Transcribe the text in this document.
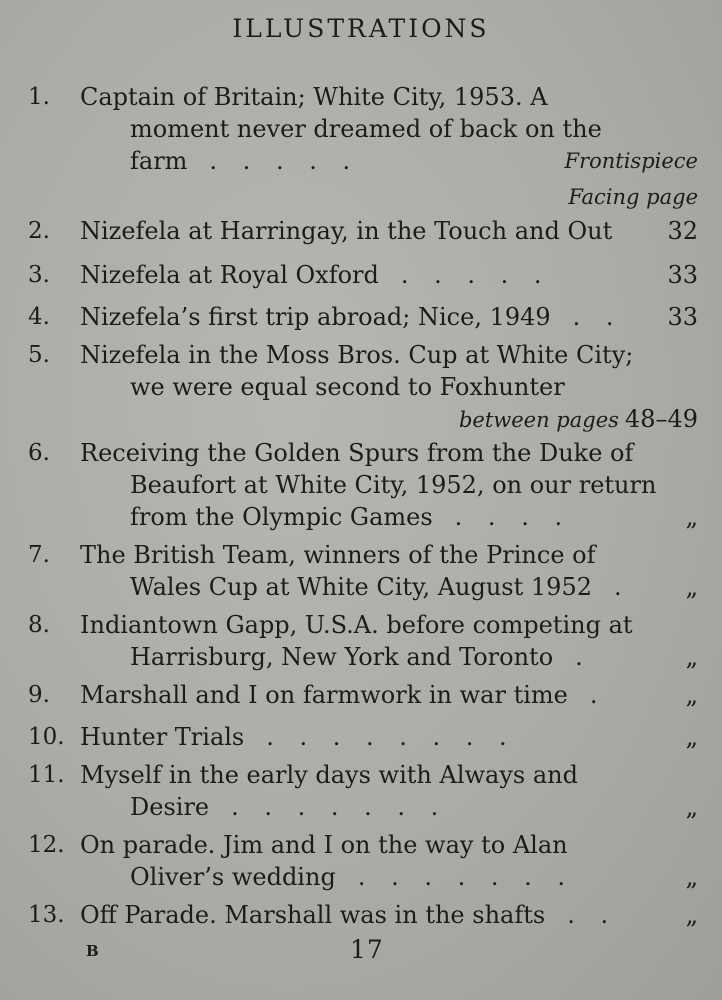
ILLUSTRATIONS
Facing page
1.	Captain of Britain; White City, 1953. A
moment never dreamed of back on the
farm . . . . .	Frontispiece
2.	Nizefela at Harringay, in the Touch and Out 32
3.	Nizefela at Royal Oxford . . . . .	33
4.	Nizefela’s first trip abroad; Nice, 1949 . . 33
5.	Nizefela in the Moss Bros. Cup at White City;
we were equal second to Foxhunter
between pages 48–49
6.	Receiving the Golden Spurs from the Duke of
Beaufort at White City, 1952, on our return
from the Olympic Games . . . .	„
7.	The British Team, winners of the Prince of
Wales Cup at White City, August 1952 . „
8.	Indiantown Gapp, U.S.A. before competing at
Harrisburg, New York and Toronto .	„
9.	Marshall and I on farmwork in war time .	„
10. Hunter Trials . . . . . . . .	„
11. Myself in the early days with Always and
Desire . . . . . . .	„
12. On parade. Jim and I on the way to Alan
Oliver’s wedding . . . . . . .	„
13. Off Parade. Marshall was in the shafts . .	„
B	17
